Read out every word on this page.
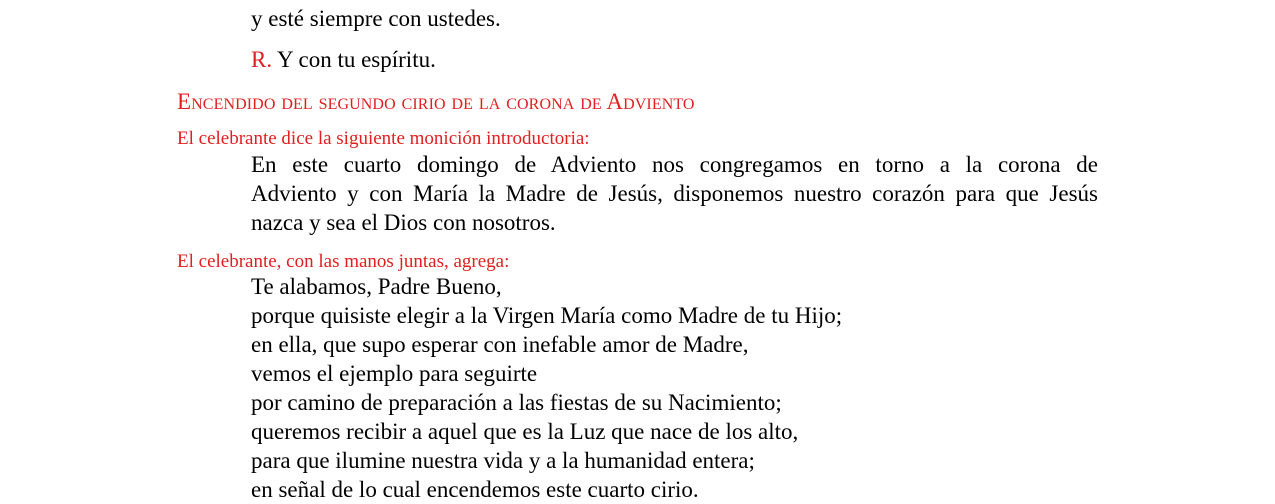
y esté siempre con ustedes.
R. Y con tu espíritu.
Encendido del segundo cirio de la corona de Adviento
El celebrante dice la siguiente monición introductoria:
En este cuarto domingo de Adviento nos congregamos en torno a la corona de
Adviento y con María la Madre de Jesús, disponemos nuestro corazón para que Jesús
nazca y sea el Dios con nosotros.
El celebrante, con las manos juntas, agrega:
Te alabamos, Padre Bueno,
porque quisiste elegir a la Virgen María como Madre de tu Hijo;
en ella, que supo esperar con inefable amor de Madre,
vemos el ejemplo para seguirte
por camino de preparación a las fiestas de su Nacimiento;
queremos recibir a aquel que es la Luz que nace de los alto,
para que ilumine nuestra vida y a la humanidad entera;
en señal de lo cual encendemos este cuarto cirio.
